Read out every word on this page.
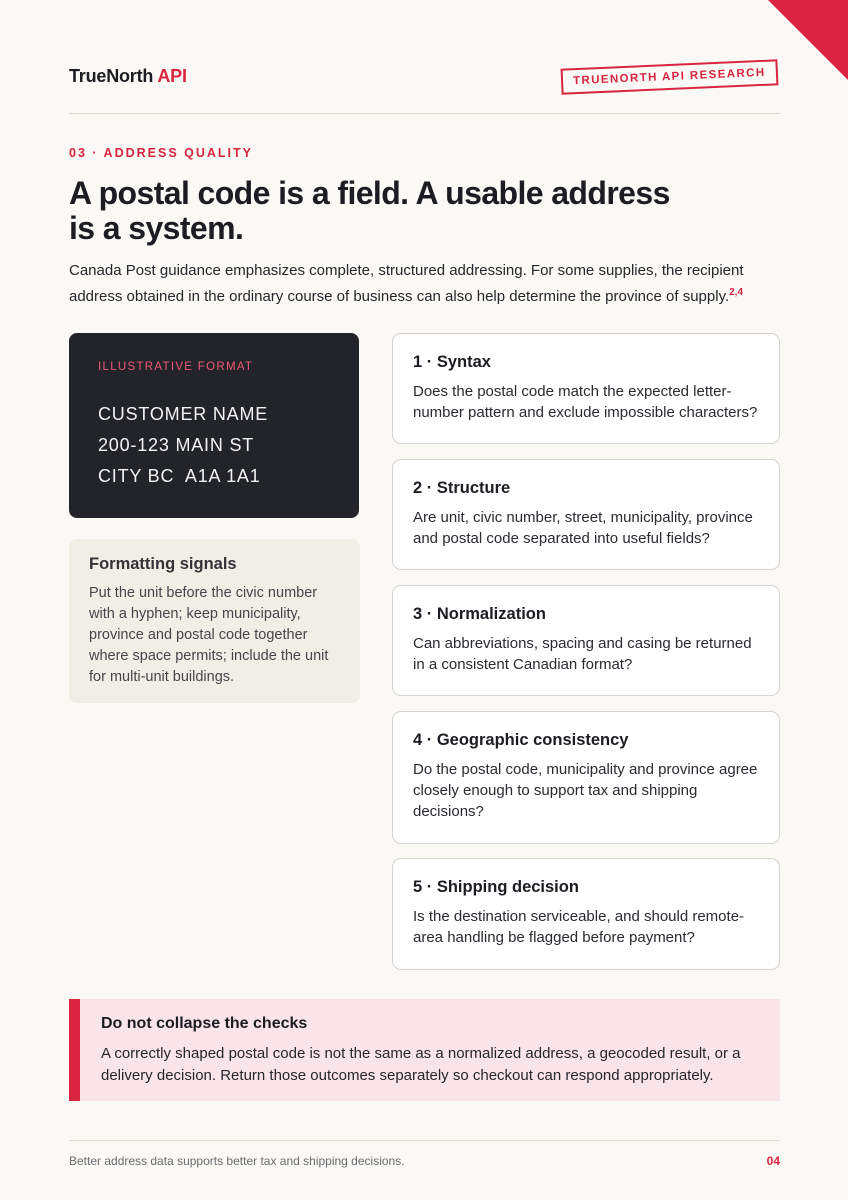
TrueNorth API	TRUENORTH API RESEARCH
03 · ADDRESS QUALITY
A postal code is a field. A usable address is a system.

Canada Post guidance emphasizes complete, structured addressing. For some supplies, the recipient address obtained in the ordinary course of business can also help determine the province of supply.$^{2,4}$

ILLUSTRATIVE FORMAT
CUSTOMER NAME
200-123 MAIN ST
CITY BC  A1A 1A1
Formatting signals

Put the unit before the civic number with a hyphen; keep municipality, province and postal code together where space permits; include the unit for multi-unit buildings.

1 · Syntax

Does the postal code match the expected letter-number pattern and exclude impossible characters?

2 · Structure

Are unit, civic number, street, municipality, province and postal code separated into useful fields?

3 · Normalization

Can abbreviations, spacing and casing be returned in a consistent Canadian format?

4 · Geographic consistency

Do the postal code, municipality and province agree closely enough to support tax and shipping decisions?

5 · Shipping decision

Is the destination serviceable, and should remote-area handling be flagged before payment?

Do not collapse the checks

A correctly shaped postal code is not the same as a normalized address, a geocoded result, or a delivery decision. Return those outcomes separately so checkout can respond appropriately.

Better address data supports better tax and shipping decisions.	04
